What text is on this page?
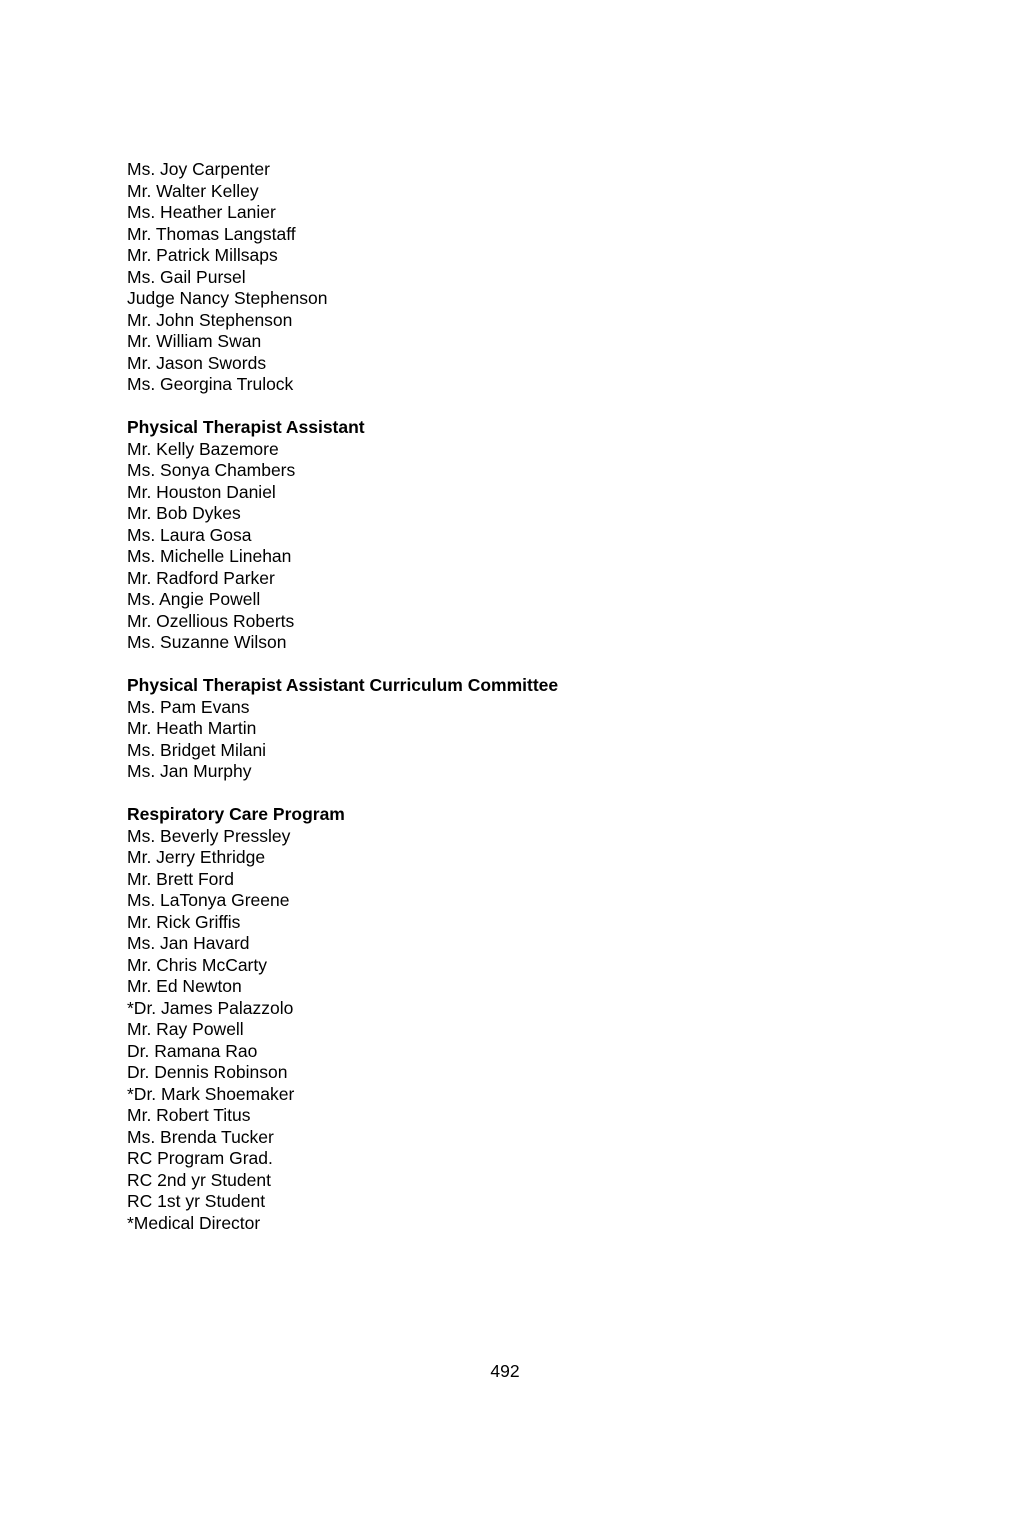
Ms. Joy Carpenter
Mr. Walter Kelley
Ms. Heather Lanier
Mr. Thomas Langstaff
Mr. Patrick Millsaps
Ms. Gail Pursel
Judge Nancy Stephenson
Mr. John Stephenson
Mr. William Swan
Mr. Jason Swords
Ms. Georgina Trulock
Physical Therapist Assistant
Mr. Kelly Bazemore
Ms. Sonya Chambers
Mr. Houston Daniel
Mr. Bob Dykes
Ms. Laura Gosa
Ms. Michelle Linehan
Mr. Radford Parker
Ms. Angie Powell
Mr. Ozellious Roberts
Ms. Suzanne Wilson
Physical Therapist Assistant Curriculum Committee
Ms. Pam Evans
Mr. Heath Martin
Ms. Bridget Milani
Ms. Jan Murphy
Respiratory Care Program
Ms. Beverly Pressley
Mr. Jerry Ethridge
Mr. Brett Ford
Ms. LaTonya Greene
Mr. Rick Griffis
Ms. Jan Havard
Mr. Chris McCarty
Mr. Ed Newton
*Dr. James Palazzolo
Mr. Ray Powell
Dr. Ramana Rao
Dr. Dennis Robinson
*Dr. Mark Shoemaker
Mr. Robert Titus
Ms. Brenda Tucker
RC Program Grad.
RC 2nd yr Student
RC 1st yr Student
*Medical Director
492
